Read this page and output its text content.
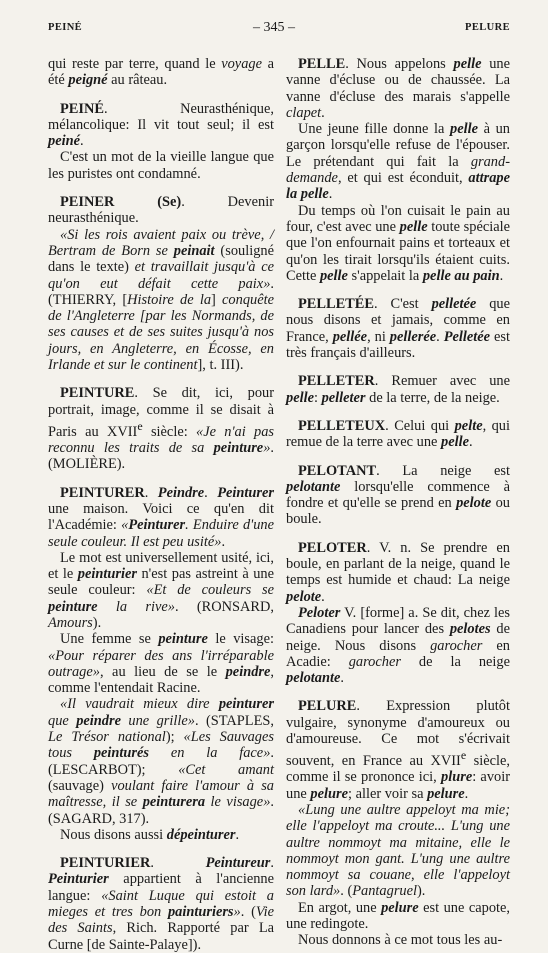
PEINÉ	– 345 –	PELURE

qui reste par terre, quand le voyage a été peigné au râteau.

PEINÉ. Neurasthénique, mélancolique: Il vit tout seul; il est peiné.

C'est un mot de la vieille langue que les puristes ont condamné.

PEINER (Se). Devenir neurasthénique.

«Si les rois avaient paix ou trève, / Bertram de Born se peinait (souligné dans le texte) et travaillait jusqu'à ce qu'on eut défait cette paix». (THIERRY, [Histoire de la] conquête de l'Angleterre [par les Normands, de ses causes et de ses suites jusqu'à nos jours, en Angleterre, en Écosse, en Irlande et sur le continent], t. III).

PEINTURE. Se dit, ici, pour portrait, image, comme il se disait à Paris au XVIIe siècle: «Je n'ai pas reconnu les traits de sa peinture». (MOLIÈRE).

PEINTURER. Peindre. Peinturer une maison. Voici ce qu'en dit l'Académie: «Peinturer. Enduire d'une seule couleur. Il est peu usité».

Le mot est universellement usité, ici, et le peinturier n'est pas astreint à une seule couleur: «Et de couleurs se peinture la rive». (RONSARD, Amours).

Une femme se peinture le visage: «Pour réparer des ans l'irréparable outrage», au lieu de se le peindre, comme l'entendait Racine.

«Il vaudrait mieux dire peinturer que peindre une grille». (STAPLES, Le Trésor national); «Les Sauvages tous peinturés en la face». (LESCARBOT); «Cet amant (sauvage) voulant faire l'amour à sa maîtresse, il se peinturera le visage». (SAGARD, 317).

Nous disons aussi dépeinturer.

PEINTURIER. Peintureur. Peinturier appartient à l'ancienne langue: «Saint Luque qui estoit a mieges et tres bon painturiers». (Vie des Saints, Rich. Rapporté par La Curne [de Sainte-Palaye]).

PELLE. Nous appelons pelle une vanne d'écluse ou de chaussée. La vanne d'écluse des marais s'appelle clapet.

Une jeune fille donne la pelle à un garçon lorsqu'elle refuse de l'épouser. Le prétendant qui fait la grand-demande, et qui est éconduit, attrape la pelle.

Du temps où l'on cuisait le pain au four, c'est avec une pelle toute spéciale que l'on enfournait pains et torteaux et qu'on les tirait lorsqu'ils étaient cuits. Cette pelle s'appelait la pelle au pain.

PELLETÉE. C'est pelletée que nous disons et jamais, comme en France, pellée, ni pellerée. Pelletée est très français d'ailleurs.

PELLETER. Remuer avec une pelle: pelleter de la terre, de la neige.

PELLETEUX. Celui qui pelte, qui remue de la terre avec une pelle.

PELOTANT. La neige est pelotante lorsqu'elle commence à fondre et qu'elle se prend en pelote ou boule.

PELOTER. V. n. Se prendre en boule, en parlant de la neige, quand le temps est humide et chaud: La neige pelote.

Peloter V. [forme] a. Se dit, chez les Canadiens pour lancer des pelotes de neige. Nous disons garocher en Acadie: garocher de la neige pelotante.

PELURE. Expression plutôt vulgaire, synonyme d'amoureux ou d'amoureuse. Ce mot s'écrivait souvent, en France au XVIIe siècle, comme il se prononce ici, plure: avoir une pelure; aller voir sa pelure.

«Lung une aultre appeloyt ma mie; elle l'appeloyt ma croute... L'ung une aultre nommoyt ma mitaine, elle le nommoyt mon gant. L'ung une aultre nommoyt sa couane, elle l'appeloyt son lard». (Pantagruel).

En argot, une pelure est une capote, une redingote.

Nous donnons à ce mot tous les au-
